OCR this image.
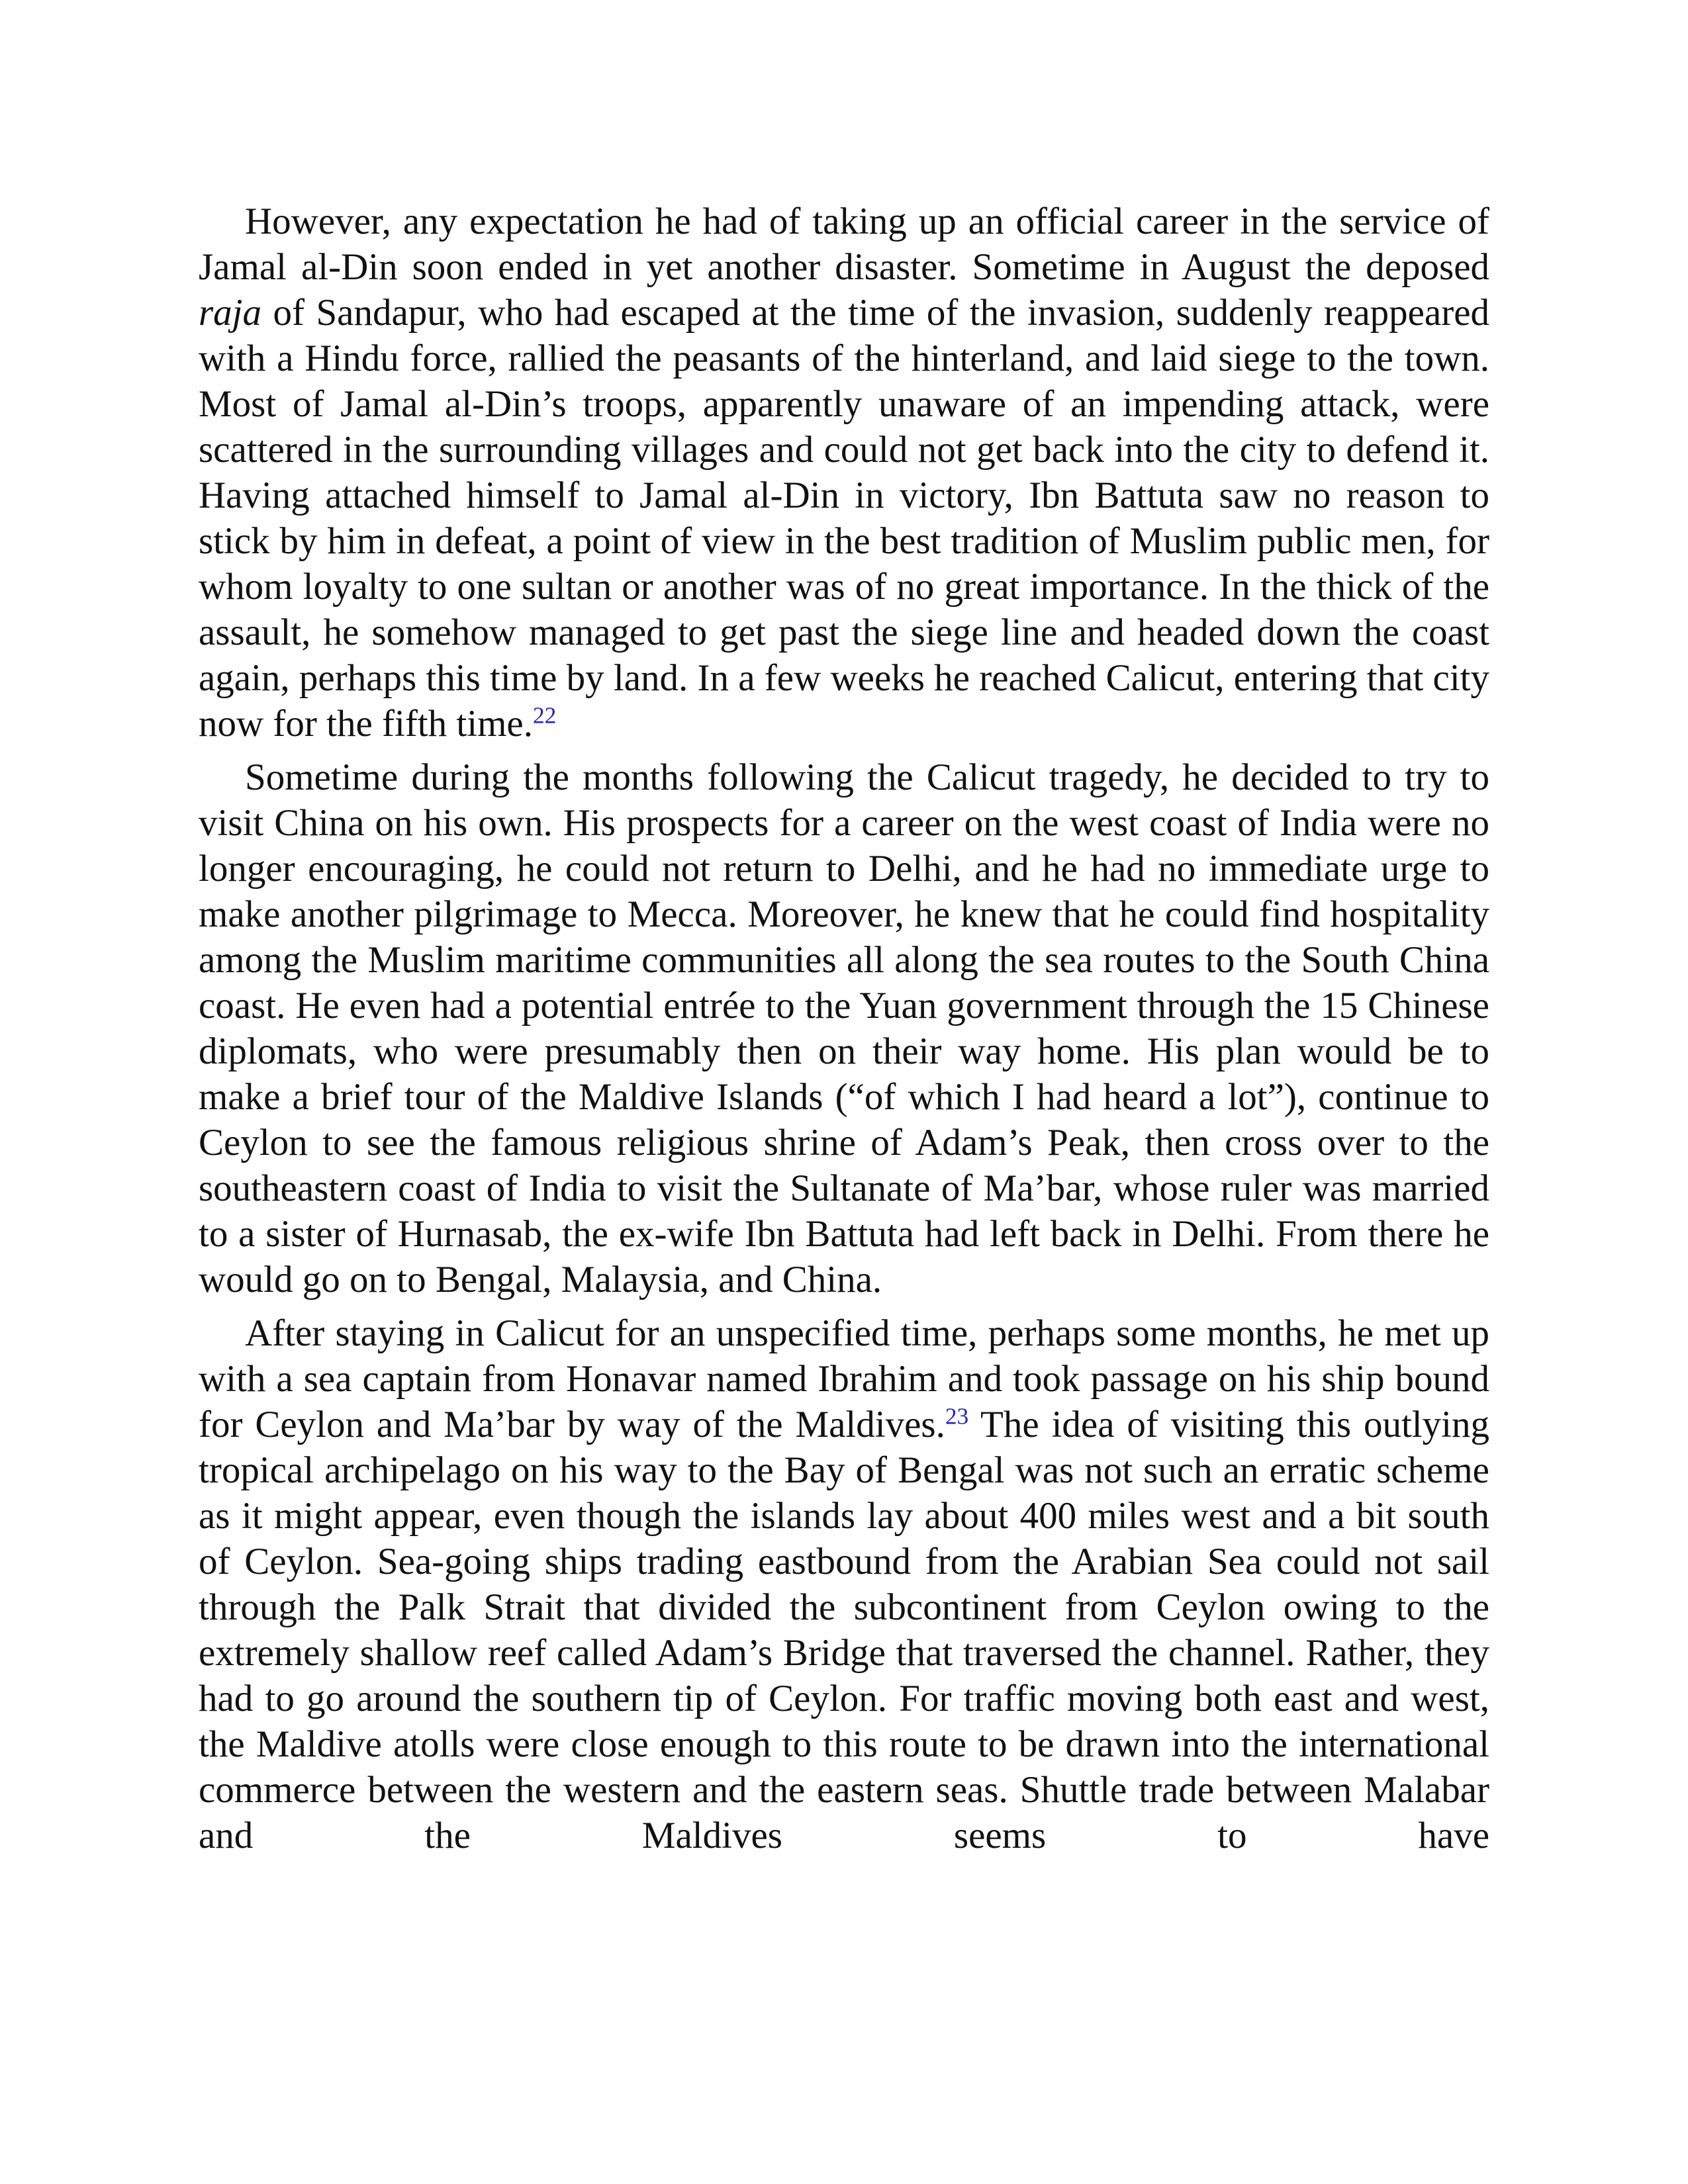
However, any expectation he had of taking up an official career in the service of Jamal al-Din soon ended in yet another disaster. Sometime in August the deposed raja of Sandapur, who had escaped at the time of the invasion, suddenly reappeared with a Hindu force, rallied the peasants of the hinterland, and laid siege to the town. Most of Jamal al-Din’s troops, apparently unaware of an impending attack, were scattered in the surrounding villages and could not get back into the city to defend it. Having attached himself to Jamal al-Din in victory, Ibn Battuta saw no reason to stick by him in defeat, a point of view in the best tradition of Muslim public men, for whom loyalty to one sultan or another was of no great importance. In the thick of the assault, he somehow managed to get past the siege line and headed down the coast again, perhaps this time by land. In a few weeks he reached Calicut, entering that city now for the fifth time.$^{22}$

Sometime during the months following the Calicut tragedy, he decided to try to visit China on his own. His prospects for a career on the west coast of India were no longer encouraging, he could not return to Delhi, and he had no immediate urge to make another pilgrimage to Mecca. Moreover, he knew that he could find hospitality among the Muslim maritime communities all along the sea routes to the South China coast. He even had a potential entrée to the Yuan government through the 15 Chinese diplomats, who were presumably then on their way home. His plan would be to make a brief tour of the Maldive Islands (“of which I had heard a lot”), continue to Ceylon to see the famous religious shrine of Adam’s Peak, then cross over to the southeastern coast of India to visit the Sultanate of Ma’bar, whose ruler was married to a sister of Hurnasab, the ex-wife Ibn Battuta had left back in Delhi. From there he would go on to Bengal, Malaysia, and China.

After staying in Calicut for an unspecified time, perhaps some months, he met up with a sea captain from Honavar named Ibrahim and took passage on his ship bound for Ceylon and Ma’bar by way of the Maldives.$^{23}$ The idea of visiting this outlying tropical archipelago on his way to the Bay of Bengal was not such an erratic scheme as it might appear, even though the islands lay about 400 miles west and a bit south of Ceylon. Sea-going ships trading eastbound from the Arabian Sea could not sail through the Palk Strait that divided the subcontinent from Ceylon owing to the extremely shallow reef called Adam’s Bridge that traversed the channel. Rather, they had to go around the southern tip of Ceylon. For traffic moving both east and west, the Maldive atolls were close enough to this route to be drawn into the international commerce between the western and the eastern seas. Shuttle trade between Malabar and the Maldives seems to have
